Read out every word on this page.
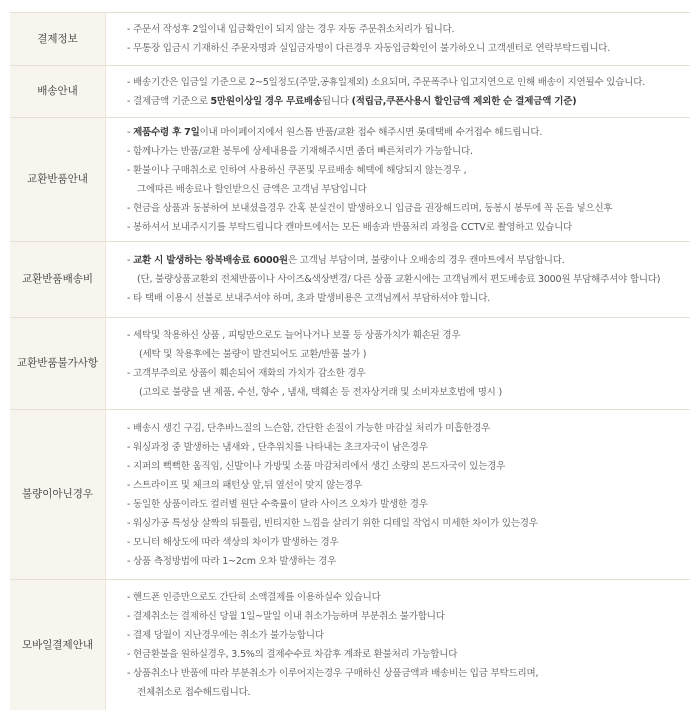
결제정보
- 주문서 작성후 2일이내 입금확인이 되지 않는 경우 자동 주문취소처리가 됩니다.
- 무통장 입금시 기재하신 주문자명과 실입금자명이 다른경우 자동입금확인이 불가하오니 고객센터로 연락부탁드립니다.
배송안내
- 배송기간은 입금일 기준으로 2~5일정도(주말,공휴일제외) 소요되며, 주문폭주나 입고지연으로 인해 배송이 지연될수 있습니다.
- 결제금액 기준으로 5만원이상일 경우 무료배송됩니다 (적립금,쿠폰사용시 할인금액 제외한 순 결제금액 기준)
교환반품안내
- 제품수령 후 7일이내 마이페이지에서 원스톱 반품/교환 접수 해주시면 롯데택배 수거접수 해드립니다.
- 함께나가는 반품/교환 봉투에 상세내용을 기재해주시면 좀더 빠른처리가 가능합니다.
- 환불이나 구매취소로 인하여 사용하신 쿠폰및 무료배송 혜택에 해당되지 않는경우 ,
그에따른 배송료나 할인받으신 금액은 고객님 부담입니다
- 현금을 상품과 동봉하여 보내셨을경우 간혹 분실건이 발생하오니 입금을 권장해드리며, 동봉시 봉투에 꼭 돈을 넣으신후
- 봉하셔서 보내주시기를 부탁드립니다 캔마트에서는 모든 배송과 반품처리 과정을 CCTV로 촬영하고 있습니다
교환반품 배송비
- 교환 시 발생하는 왕복배송료 6000원은 고객님 부담이며, 불량이나 오배송의 경우 캔마트에서 부담합니다.
(단, 불량상품교환외 전체반품이나 사이즈&색상변경/ 다른 상품 교환시에는 고객님께서 편도배송료 3000원 부담해주셔야 합니다)
- 타 택배 이용시 선불로 보내주셔야 하며, 초과 발생비용은 고객님께서 부담하셔야 합니다.
교환반품 불가사항
- 세탁및 착용하신 상품 , 피팅만으로도 늘어나거나 보풀 등 상품가치가 훼손된 경우
(세탁 및 착용후에는 불량이 발견되어도 교환/반품 불가 )
- 고객부주의로 상품이 훼손되어 재화의 가치가 감소한 경우
(고의로 불량을 낸 제품, 수선, 향수 , 냄새, 택훼손 등 전자상거래 및 소비자보호법에 명시 )
불량이 아닌경우
- 배송시 생긴 구김, 단추바느질의 느슨함, 간단한 손질이 가능한 마감실 처리가 미흡한경우
- 워싱과정 중 발생하는 냄새와 , 단추위치를 나타내는 초크자국이 남은경우
- 지퍼의 뻑뻑한 움직임, 신발이나 가방및 소품 마감처리에서 생긴 소량의 본드자국이 있는경우
- 스트라이프 및 체크의 패턴상 앞,뒤 옆선이 맞지 않는경우
- 동일한 상품이라도 컬러별 원단 수축률이 달라 사이즈 오차가 발생한 경우
- 워싱가공 특성상 살짝의 뒤틀림, 빈티지한 느낌을 살리기 위한 디테일 작업시 미세한 차이가 있는경우
- 모니터 해상도에 따라 색상의 차이가 발생하는 경우
- 상품 측정방법에 따라 1~2cm 오차 발생하는 경우
모바일결제 안내
- 핸드폰 인증만으로도 간단히 소액결제를 이용하실수 있습니다
- 결제취소는 결제하신 당월 1일~말일 이내 취소가능하며 부분취소 불가합니다
- 결제 당월이 지난경우에는 취소가 불가능합니다
- 현금환불을 원하실경우, 3.5%의 결제수수료 차감후 계좌로 환불처리 가능합니다
- 상품취소나 반품에 따라 부분취소가 이루어지는경우 구매하신 상품금액과 배송비는 입금 부탁드리며,
전체취소로 접수해드립니다.
